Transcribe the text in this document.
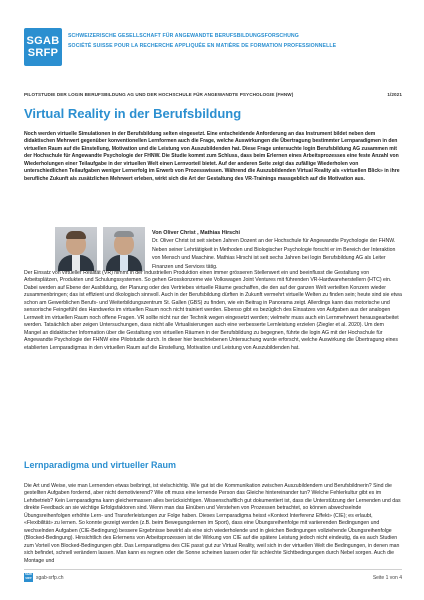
SGAB
SRFP
SCHWEIZERISCHE GESELLSCHAFT FÜR ANGEWANDTE BERUFSBILDUNGSFORSCHUNG
SOCIÉTÉ SUISSE POUR LA RECHERCHE APPLIQUÉE EN MATIÈRE DE FORMATION PROFESSIONNELLE
PILOTSTUDIE DER LOGIN BERUFSBILDUNG AG UND DER HOCHSCHULE FÜR ANGEWANDTE PSYCHOLOGIE (FHNW)	1/2021
Virtual Reality in der Berufsbildung

Noch werden virtuelle Simulationen in der Berufsbildung selten eingesetzt. Eine entscheidende Anforderung an das Instrument bildet neben dem didaktischen Mehrwert gegenüber konventionellen Lernformen auch die Frage, welche Auswirkungen die Übertragung bestimmter Lernparadigmen in den virtuellen Raum auf die Einstellung, Motivation und die Leistung von Auszubildenden hat. Diese Frage untersuchte login Berufsbildung AG zusammen mit der Hochschule für Angewandte Psychologie der FHNW. Die Studie kommt zum Schluss, dass beim Erlernen eines Arbeitsprozesses eine feste Anzahl von Wiederholungen einer Teilaufgabe in der virtuellen Welt einen Lernvorteil bietet. Auf der anderen Seite zeigt das zufällige Wiederholen von unterschiedlichen Teilaufgaben weniger Lernerfolg im Erwerb von Prozesswissen. Während die Auszubildenden Virtual Reality als «virtuellen Blick» in ihre berufliche Zukunft als zusätzlichen Mehrwert erleben, wirkt sich die Art der Gestaltung des VR-Trainings massgeblich auf die Motivation aus.

Von Oliver Christ , Mathias Hirschi

Dr. Oliver Christ ist seit sieben Jahren Dozent an der Hochschule für Angewandte Psychologie der FHNW. Neben seiner Lehrtätigkeit in Methoden und Biologischer Psychologie forscht er im Bereich der Interaktion von Mensch und Maschine. Mathias Hirschi ist seit sechs Jahren bei login Berufsbildung AG als Leiter Finanzen und Services tätig.

Der Einsatz von virtueller Realität (VR) nimmt in der industriellen Produktion einen immer grösseren Stellenwert ein und beeinflusst die Gestaltung von Arbeitsplätzen, Produkten und Schulungssystemen. So gehen Grosskonzerne wie Volkswagen Joint Ventures mit führenden VR-Hardwareherstellern (HTC) ein. Dabei werden auf Ebene der Ausbildung, der Planung oder des Vertriebes virtuelle Räume geschaffen, die den auf der ganzen Welt verteilten Konzern wieder zusammenbringen; das ist effizient und ökologisch sinnvoll. Auch in der Berufsbildung dürften in Zukunft vermehrt virtuelle Welten zu finden sein; heute sind sie etwa schon am Gewerblichen Berufs- und Weiterbildungszentrum St. Gallen (GBS) zu finden, wie ein Beitrag in Panorama zeigt. Allerdings kann das motorische und sensorische Feingefühl des Handwerks im virtuellen Raum noch nicht trainiert werden. Ebenso gibt es bezüglich des Einsatzes von Aufgaben aus der analogen Lernwelt im virtuellen Raum noch offene Fragen. VR sollte nicht nur der Technik wegen eingesetzt werden; vielmehr muss auch ein Lernmehrwert herausgearbeitet werden. Tatsächlich aber zeigen Untersuchungen, dass nicht alle Virtualisierungen auch eine verbesserte Lernleistung erzielen (Ziegler et al. 2020). Um dem Mangel an didaktischer Information über die Gestaltung von virtuellen Räumen in der Berufsbildung zu begegnen, führte die login AG mit der Hochschule für Angewandte Psychologie der FHNW eine Pilotstudie durch. In dieser hier beschriebenen Untersuchung wurde erforscht, welche Auswirkung die Übertragung eines etablierten Lernparadigmas in den virtuellen Raum auf die Einstellung, Motivation und Leistung von Auszubildenden hat.

Lernparadigma und virtueller Raum

Die Art und Weise, wie man Lernenden etwas beibringt, ist vielschichtig. Wie gut ist die Kommunikation zwischen Auszubildendem und Berufsbildnerin? Sind die gestellten Aufgaben fordernd, aber nicht demotivierend? Wie oft muss eine lernende Person das Gleiche hintereinander tun? Welche Fehlerkultur gibt es im Lehrbetrieb? Kein Lernparadigma kann gleichermassen alles berücksichtigen. Wissenschaftlich gut dokumentiert ist, dass die Unterstützung der Lernenden und das direkte Feedback an sie wichtige Erfolgsfaktoren sind. Wenn man das Einüben und Verstehen von Prozessen betrachtet, so können abwechselnde Übungsreihenfolgen erhöhte Lern- und Transferleistungen zur Folge haben. Dieses Lernparadigma heisst «Kontext Interferenz Effekt» (CIE); es erlaubt, «Flexibilität» zu lernen. So konnte gezeigt werden (z.B. beim Bewegungslernen im Sport), dass eine Übungsreihenfolge mit variierenden Bedingungen und wechselnden Aufgaben (CIE-Bedingung) bessere Ergebnisse bewirkt als eine sich wiederholende und in gleichen Bedingungen vollziehende Übungsreihenfolge (Blocked-Bedingung). Hinsichtlich des Erlernens von Arbeitsprozessen ist die Wirkung von CIE auf die spätere Leistung jedoch nicht eindeutig, da es auch Studien zum Vorteil von Blocked-Bedingungen gibt. Das Lernparadigma des CIE passt gut zur Virtual Reality, weil sich in der virtuellen Welt die Bedingungen, in denen man sich befindet, schnell verändern lassen. Man kann es regnen oder die Sonne scheinen lassen oder für schlechte Sichtbedingungen durch Nebel sorgen. Auch die Montage und

SGAB
SRFP sgab-srfp.ch	Seite 1 von 4
